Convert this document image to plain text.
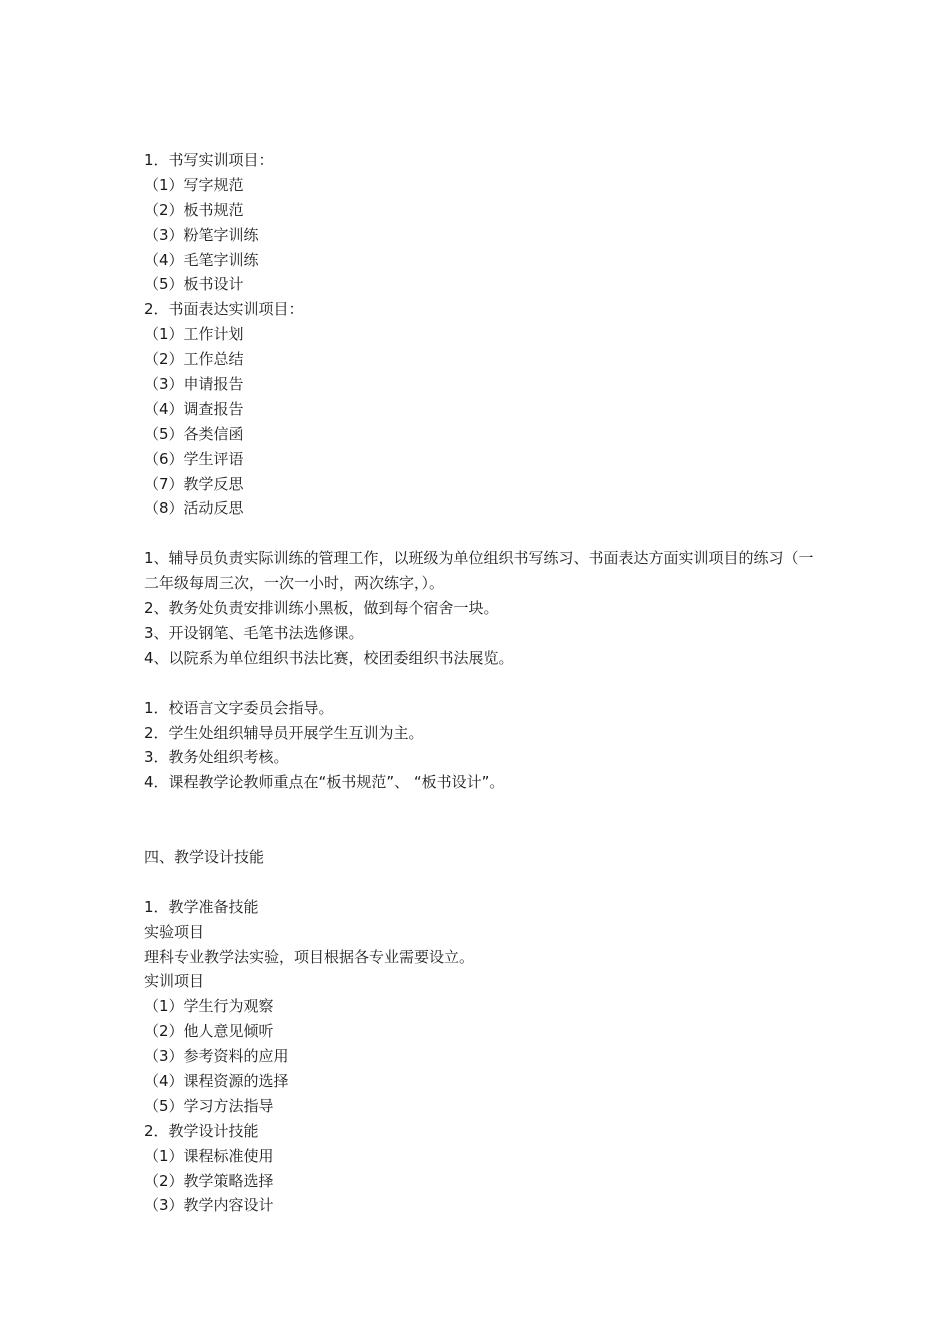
1．书写实训项目：

（1）写字规范

（2）板书规范

（3）粉笔字训练

（4）毛笔字训练

（5）板书设计

2．书面表达实训项目：

（1）工作计划

（2）工作总结

（3）申请报告

（4）调查报告

（5）各类信函

（6）学生评语

（7）教学反思

（8）活动反思

1、辅导员负责实际训练的管理工作，以班级为单位组织书写练习、书面表达方面实训项目的练习（一二年级每周三次，一次一小时，两次练字，）。

2、教务处负责安排训练小黑板，做到每个宿舍一块。

3、开设钢笔、毛笔书法选修课。

4、以院系为单位组织书法比赛，校团委组织书法展览。

1．校语言文字委员会指导。

2．学生处组织辅导员开展学生互训为主。

3．教务处组织考核。

4．课程教学论教师重点在“板书规范”、 “板书设计”。

四、教学设计技能

1．教学准备技能

实验项目

理科专业教学法实验，项目根据各专业需要设立。

实训项目

（1）学生行为观察

（2）他人意见倾听

（3）参考资料的应用

（4）课程资源的选择

（5）学习方法指导

2．教学设计技能

（1）课程标准使用

（2）教学策略选择

（3）教学内容设计
